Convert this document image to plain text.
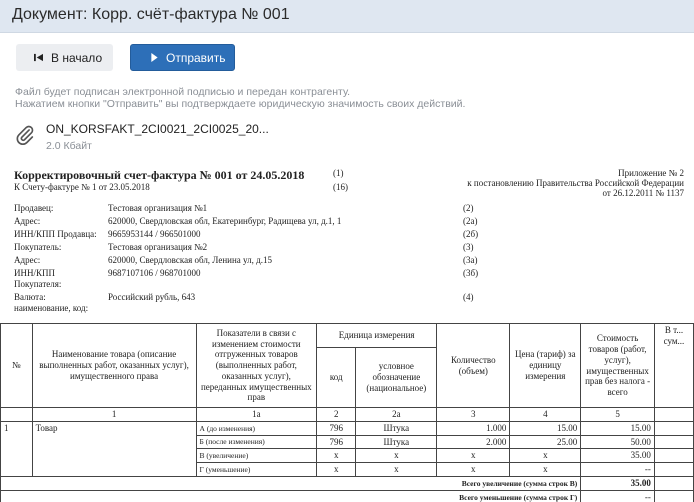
Документ: Корр. счёт-фактура № 001
В начало	Отправить
Файл будет подписан электронной подписью и передан контрагенту.
Нажатием кнопки "Отправить" вы подтверждаете юридическую значимость своих действий.
ON_KORSFAKT_2CI0021_2CI0025_20...
2.0 Кбайт
Корректировочный счет-фактура № 001 от 24.05.2018	(1)
К Счету-фактуре № 1 от 23.05.2018	(16)
Приложение № 2
к постановлению Правительства Российской Федерации
от 26.12.2011 № 1137
Продавец:	Тестовая организация №1	(2)
Адрес:	620000, Свердловская обл, Екатеринбург, Радищева ул, д.1, 1	(2а)
ИНН/КПП Продавца: 9665953144 / 966501000	(2б)
Покупатель:	Тестовая организация №2	(3)
Адрес:	620000, Свердловская обл, Ленина ул, д.15	(3а)
ИНН/КПП	9687107106 / 968701000	(3б)
Покупателя:
Валюта:	Российский рубль, 643	(4)
наименование, код:
№	Наименование товара (описание выполненных работ, оказанных услуг), имущественного права	Показатели в связи с изменением стоимости отгруженных товаров (выполненных работ, оказанных услуг), переданных имущественных прав	Единица измерения		Количество (объем)	Цена (тариф) за единицу измерения	Стоимость товаров (работ, услуг), имущественных прав без налога - всего	В т... сум...
			код	условное обозначение (национальное)				
	1	1а	2	2а	3	4	5	
1	Товар	А (до изменения)	796	Штука	1.000	15.00	15.00	
		Б (после изменения)	796	Штука	2.000	25.00	50.00	
		В (увеличение)	x	x	x	x	35.00	
		Г (уменьшение)	x	x	x	x	--	
Всего увеличение (сумма строк В)							35.00	
Всего уменьшение (сумма строк Г)							--	
